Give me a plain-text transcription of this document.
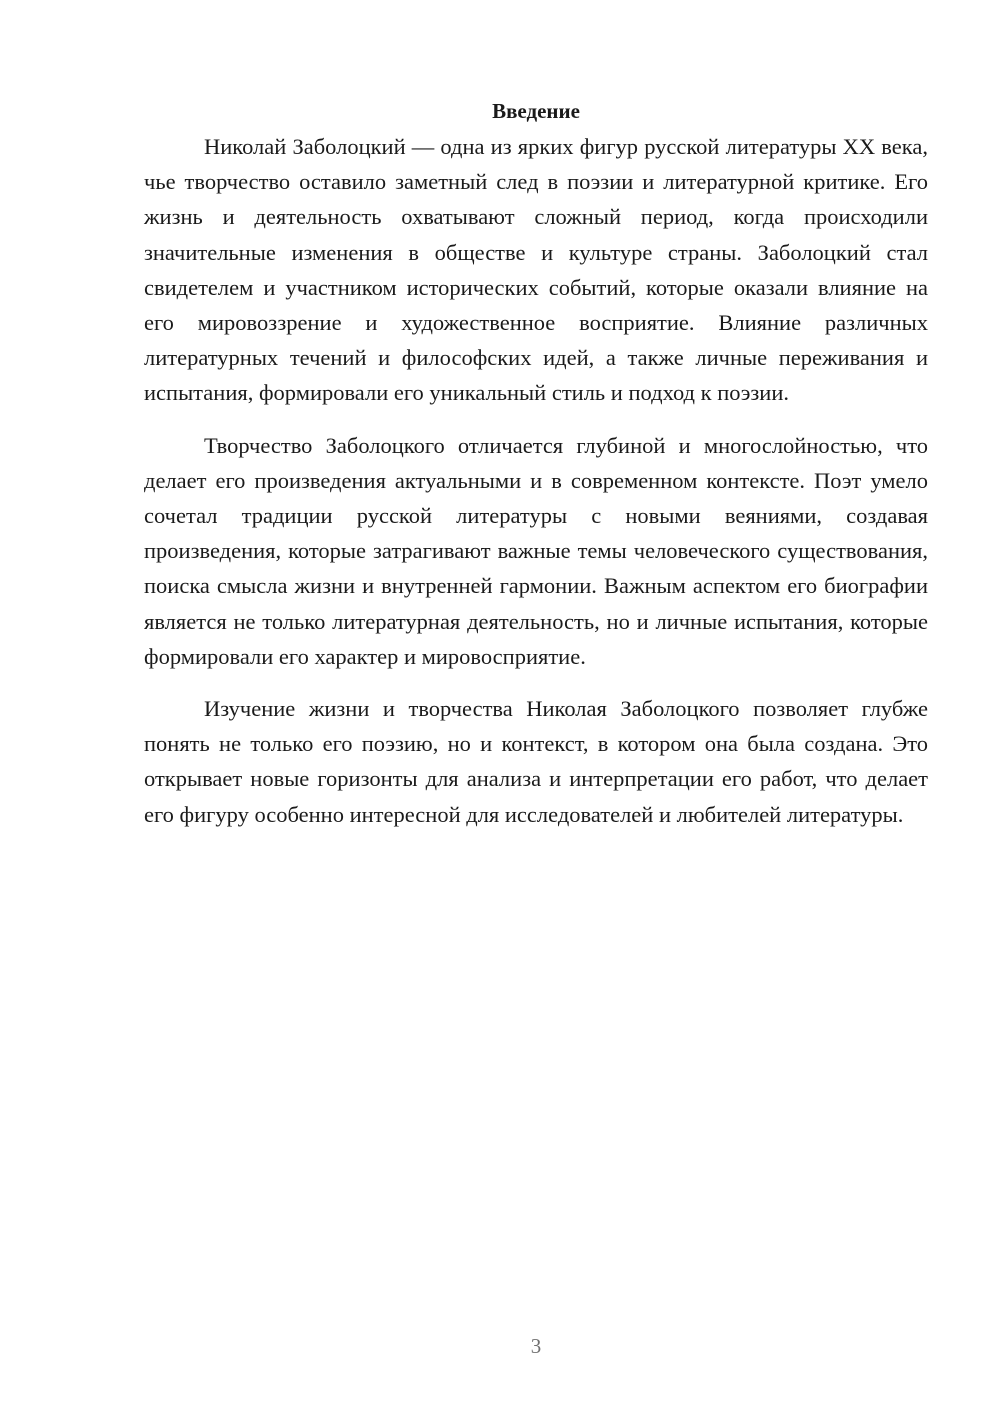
Введение

Николай Заболоцкий — одна из ярких фигур русской литературы XX века, чье творчество оставило заметный след в поэзии и литературной критике. Его жизнь и деятельность охватывают сложный период, когда происходили значительные изменения в обществе и культуре страны. Заболоцкий стал свидетелем и участником исторических событий, которые оказали влияние на его мировоззрение и художественное восприятие. Влияние различных литературных течений и философских идей, а также личные переживания и испытания, формировали его уникальный стиль и подход к поэзии.

Творчество Заболоцкого отличается глубиной и многослойностью, что делает его произведения актуальными и в современном контексте. Поэт умело сочетал традиции русской литературы с новыми веяниями, создавая произведения, которые затрагивают важные темы человеческого существования, поиска смысла жизни и внутренней гармонии. Важным аспектом его биографии является не только литературная деятельность, но и личные испытания, которые формировали его характер и мировосприятие.

Изучение жизни и творчества Николая Заболоцкого позволяет глубже понять не только его поэзию, но и контекст, в котором она была создана. Это открывает новые горизонты для анализа и интерпретации его работ, что делает его фигуру особенно интересной для исследователей и любителей литературы.

3
